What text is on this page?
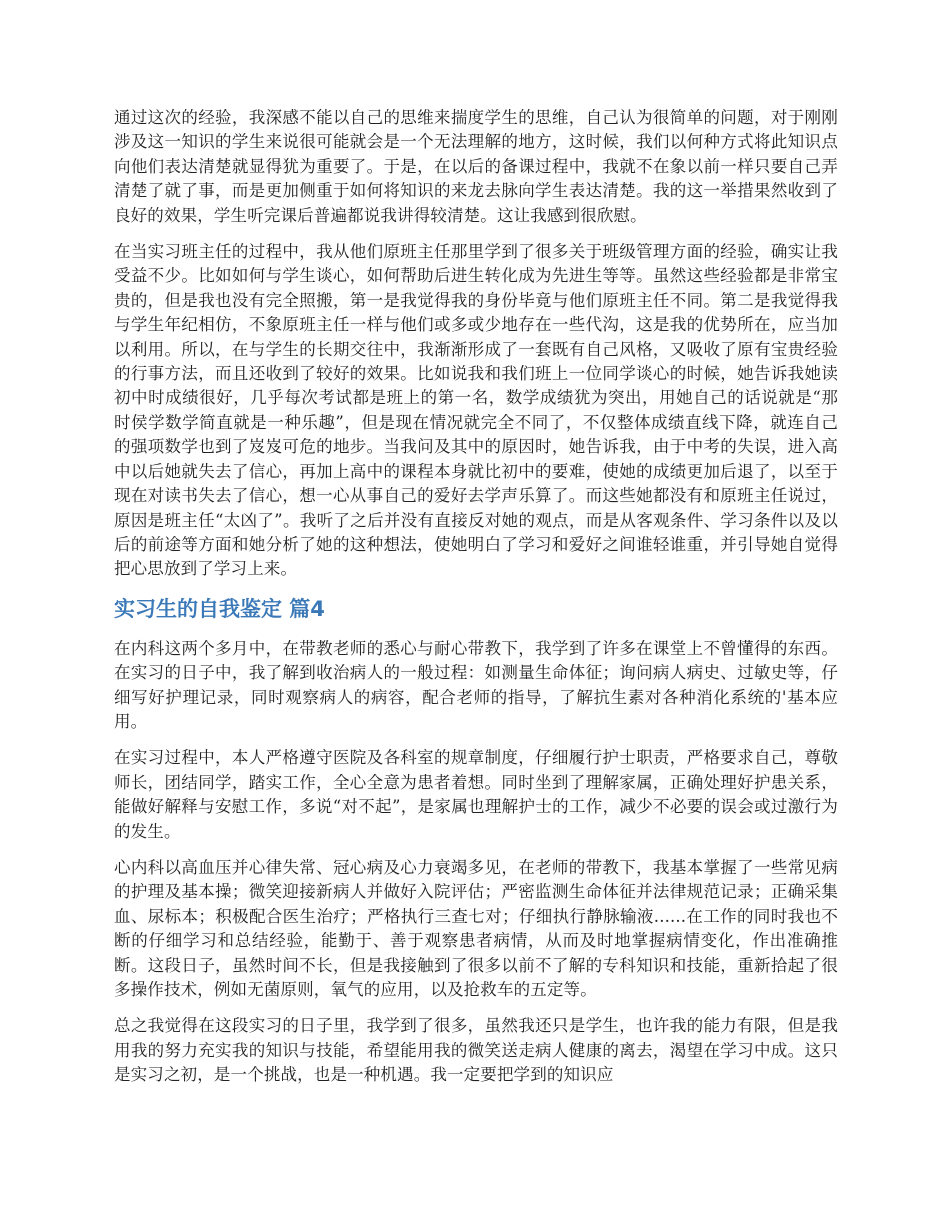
通过这次的经验，我深感不能以自己的思维来揣度学生的思维，自己认为很简单的问题，对于刚刚涉及这一知识的学生来说很可能就会是一个无法理解的地方，这时候，我们以何种方式将此知识点向他们表达清楚就显得犹为重要了。于是，在以后的备课过程中，我就不在象以前一样只要自己弄清楚了就了事，而是更加侧重于如何将知识的来龙去脉向学生表达清楚。我的这一举措果然收到了良好的效果，学生听完课后普遍都说我讲得较清楚。这让我感到很欣慰。

在当实习班主任的过程中，我从他们原班主任那里学到了很多关于班级管理方面的经验，确实让我受益不少。比如如何与学生谈心，如何帮助后进生转化成为先进生等等。虽然这些经验都是非常宝贵的，但是我也没有完全照搬，第一是我觉得我的身份毕竟与他们原班主任不同。第二是我觉得我与学生年纪相仿，不象原班主任一样与他们或多或少地存在一些代沟，这是我的优势所在，应当加以利用。所以，在与学生的长期交往中，我渐渐形成了一套既有自己风格，又吸收了原有宝贵经验的行事方法，而且还收到了较好的效果。比如说我和我们班上一位同学谈心的时候，她告诉我她读初中时成绩很好，几乎每次考试都是班上的第一名，数学成绩犹为突出，用她自己的话说就是“那时侯学数学简直就是一种乐趣”，但是现在情况就完全不同了，不仅整体成绩直线下降，就连自己的强项数学也到了岌岌可危的地步。当我问及其中的原因时，她告诉我，由于中考的失误，进入高中以后她就失去了信心，再加上高中的课程本身就比初中的要难，使她的成绩更加后退了，以至于现在对读书失去了信心，想一心从事自己的爱好去学声乐算了。而这些她都没有和原班主任说过，原因是班主任“太凶了”。我听了之后并没有直接反对她的观点，而是从客观条件、学习条件以及以后的前途等方面和她分析了她的这种想法，使她明白了学习和爱好之间谁轻谁重，并引导她自觉得把心思放到了学习上来。

实习生的自我鉴定 篇4

在内科这两个多月中，在带教老师的悉心与耐心带教下，我学到了许多在课堂上不曾懂得的东西。在实习的日子中，我了解到收治病人的一般过程：如测量生命体征；询问病人病史、过敏史等，仔细写好护理记录，同时观察病人的病容，配合老师的指导，了解抗生素对各种消化系统的'基本应用。

在实习过程中，本人严格遵守医院及各科室的规章制度，仔细履行护士职责，严格要求自己，尊敬师长，团结同学，踏实工作，全心全意为患者着想。同时坐到了理解家属，正确处理好护患关系，能做好解释与安慰工作，多说“对不起”，是家属也理解护士的工作，减少不必要的误会或过激行为的发生。

心内科以高血压并心律失常、冠心病及心力衰竭多见，在老师的带教下，我基本掌握了一些常见病的护理及基本操；微笑迎接新病人并做好入院评估；严密监测生命体征并法律规范记录；正确采集血、尿标本；积极配合医生治疗；严格执行三查七对；仔细执行静脉输液......在工作的同时我也不断的仔细学习和总结经验，能勤于、善于观察患者病情，从而及时地掌握病情变化，作出准确推断。这段日子，虽然时间不长，但是我接触到了很多以前不了解的专科知识和技能，重新拾起了很多操作技术，例如无菌原则，氧气的应用，以及抢救车的五定等。

总之我觉得在这段实习的日子里，我学到了很多，虽然我还只是学生，也许我的能力有限，但是我用我的努力充实我的知识与技能，希望能用我的微笑送走病人健康的离去，渴望在学习中成。这只是实习之初，是一个挑战，也是一种机遇。我一定要把学到的知识应
